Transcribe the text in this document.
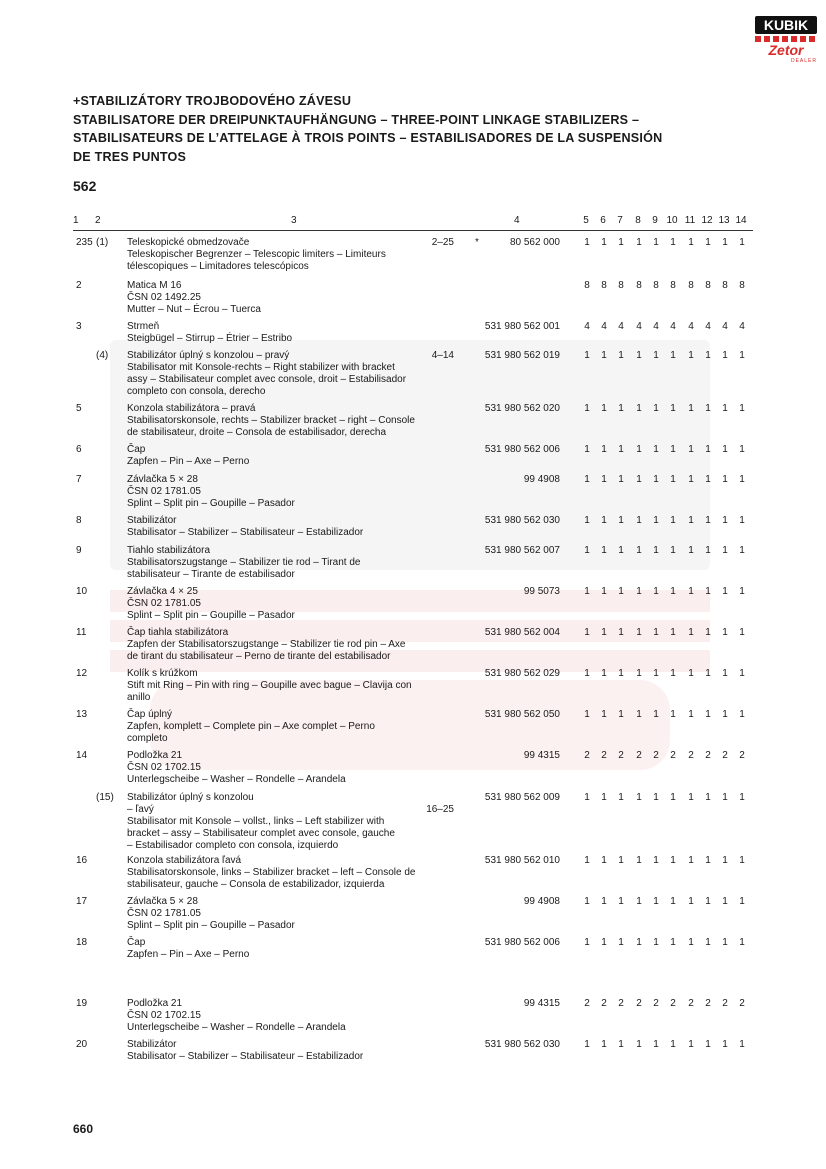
KUBIK
Zetor
DEALER
+STABILIZÁTORY TROJBODOVÉHO ZÁVESU
STABILISATORE DER DREIPUNKTAUFHÄNGUNG – THREE-POINT LINKAGE STABILIZERS –
STABILISATEURS DE L’ATTELAGE À TROIS POINTS – ESTABILISADORES DE LA SUSPENSIÓN
DE TRES PUNTOS
562
1 2	3	4	5	6	7	8	9 10 11 12 13 14
235 (1)	Teleskopické obmedzovače
Teleskopischer Begrenzer – Telescopic limiters – Limiteurs
télescopiques – Limitadores telescópicos
2–25 *	80 562 000	1	1	1	1	1	1	1	1	1	1
2	Matica M 16
ČSN 02 1492.25
Mutter – Nut – Écrou – Tuerca
8	8	8	8	8	8	8	8	8	8
3	Strmeň
Steigbügel – Stirrup – Étrier – Estribo
531 980 562 001	4	4	4	4	4	4	4	4	4	4
(4)	Stabilizátor úplný s konzolou – pravý
Stabilisator mit Konsole-rechts – Right stabilizer with bracket
assy – Stabilisateur complet avec console, droit – Estabilisador
completo con consola, derecho
4–14	531 980 562 019	1	1	1	1	1	1	1	1	1	1
5	Konzola stabilizátora – pravá
Stabilisatorskonsole, rechts – Stabilizer bracket – right – Console
de stabilisateur, droite – Consola de estabilisador, derecha
531 980 562 020	1	1	1	1	1	1	1	1	1	1
6	Čap
Zapfen – Pin – Axe – Perno
531 980 562 006	1	1	1	1	1	1	1	1	1	1
7	Závlačka 5 × 28
ČSN 02 1781.05
Splint – Split pin – Goupille – Pasador
99 4908	1	1	1	1	1	1	1	1	1	1
8	Stabilizátor
Stabilisator – Stabilizer – Stabilisateur – Estabilizador
531 980 562 030	1	1	1	1	1	1	1	1	1	1
9	Tiahlo stabilizátora
Stabilisatorszugstange – Stabilizer tie rod – Tirant de
stabilisateur – Tirante de estabilisador
531 980 562 007	1	1	1	1	1	1	1	1	1	1
10	Závlačka 4 × 25
ČSN 02 1781.05
Splint – Split pin – Goupille – Pasador
99 5073	1	1	1	1	1	1	1	1	1	1
11	Čap tiahla stabilizátora
Zapfen der Stabilisatorszugstange – Stabilizer tie rod pin – Axe
de tirant du stabilisateur – Perno de tirante del estabilisador
531 980 562 004	1	1	1	1	1	1	1	1	1	1
12	Kolík s krúžkom
Stift mit Ring – Pin with ring – Goupille avec bague – Clavija con
anillo
531 980 562 029	1	1	1	1	1	1	1	1	1	1
13	Čap úplný
Zapfen, komplett – Complete pin – Axe complet – Perno
completo
531 980 562 050	1	1	1	1	1	1	1	1	1	1
14	Podložka 21
ČSN 02 1702.15
Unterlegscheibe – Washer – Rondelle – Arandela
99 4315	2	2	2	2	2	2	2	2	2	2
(15)	Stabilizátor úplný s konzolou
– ľavý
Stabilisator mit Konsole – vollst., links – Left stabilizer with
bracket – assy – Stabilisateur complet avec console, gauche
– Estabilisador completo con consola, izquierdo
16–25
531 980 562 009	1	1	1	1	1	1	1	1	1	1
16	Konzola stabilizátora ľavá
Stabilisatorskonsole, links – Stabilizer bracket – left – Console de
stabilisateur, gauche – Consola de estabilizador, izquierda
531 980 562 010	1	1	1	1	1	1	1	1	1	1
17	Závlačka 5 × 28
ČSN 02 1781.05
Splint – Split pin – Goupille – Pasador
99 4908	1	1	1	1	1	1	1	1	1	1
18	Čap
Zapfen – Pin – Axe – Perno
531 980 562 006	1	1	1	1	1	1	1	1	1	1
19	Podložka 21
ČSN 02 1702.15
Unterlegscheibe – Washer – Rondelle – Arandela
99 4315	2	2	2	2	2	2	2	2	2	2
20	Stabilizátor
Stabilisator – Stabilizer – Stabilisateur – Estabilizador
531 980 562 030	1	1	1	1	1	1	1	1	1	1
660
